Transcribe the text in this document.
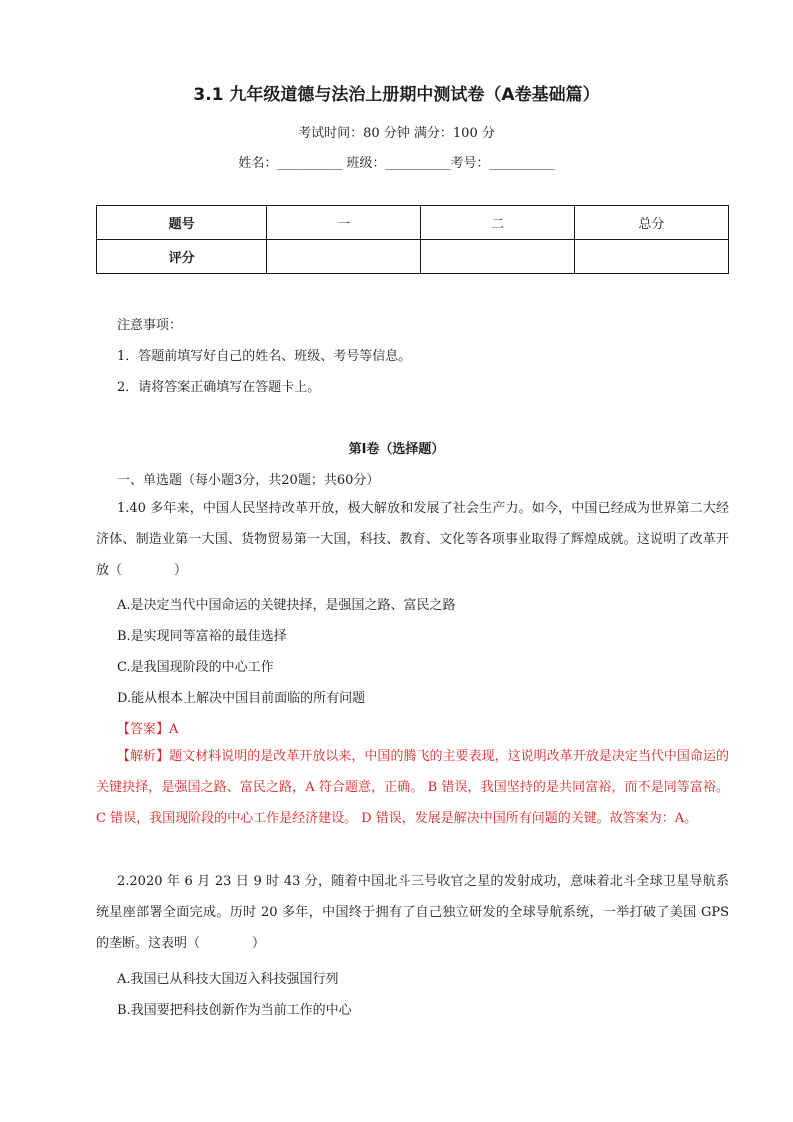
3.1 九年级道德与法治上册期中测试卷（A卷基础篇）
考试时间：80 分钟 满分：100 分
姓名：__________ 班级：__________考号：__________
题号	一	二	总分
评分			
注意事项：
1．答题前填写好自己的姓名、班级、考号等信息。
2．请将答案正确填写在答题卡上。
第Ⅰ卷（选择题）
一、单选题（每小题3分，共20题；共60分）

1.40 多年来，中国人民坚持改革开放，极大解放和发展了社会生产力。如今，中国已经成为世界第二大经济体、制造业第一大国、货物贸易第一大国，科技、教育、文化等各项事业取得了辉煌成就。这说明了改革开放（　　　　）

A.是决定当代中国命运的关键抉择，是强国之路、富民之路
B.是实现同等富裕的最佳选择
C.是我国现阶段的中心工作
D.能从根本上解决中国目前面临的所有问题
【答案】A

【解析】题文材料说明的是改革开放以来，中国的腾飞的主要表现，这说明改革开放是决定当代中国命运的关键抉择，是强国之路、富民之路，A 符合题意，正确。 B 错误，我国坚持的是共同富裕，而不是同等富裕。C 错误，我国现阶段的中心工作是经济建设。 D 错误，发展是解决中国所有问题的关键。故答案为：A。

2.2020 年 6 月 23 日 9 时 43 分，随着中国北斗三号收官之星的发射成功，意味着北斗全球卫星导航系统星座部署全面完成。历时 20 多年，中国终于拥有了自己独立研发的全球导航系统，一举打破了美国 GPS 的垄断。这表明（　　　　）

A.我国已从科技大国迈入科技强国行列
B.我国要把科技创新作为当前工作的中心
